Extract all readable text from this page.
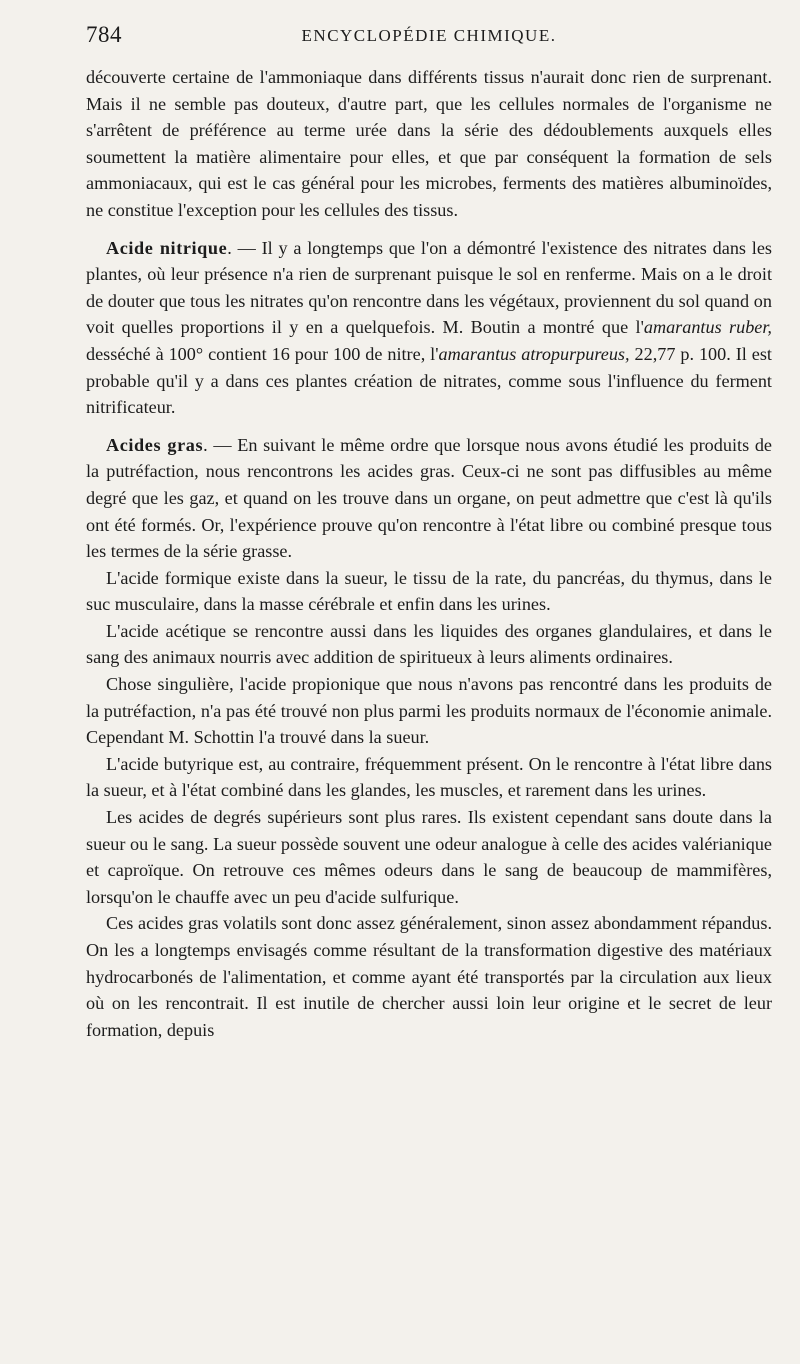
784	ENCYCLOPÉDIE CHIMIQUE.

découverte certaine de l'ammoniaque dans différents tissus n'aurait donc rien de surprenant. Mais il ne semble pas douteux, d'autre part, que les cellules normales de l'organisme ne s'arrêtent de préférence au terme urée dans la série des dédoublements auxquels elles soumettent la matière alimentaire pour elles, et que par conséquent la formation de sels ammoniacaux, qui est le cas général pour les microbes, ferments des matières albuminoïdes, ne constitue l'exception pour les cellules des tissus.

Acide nitrique. — Il y a longtemps que l'on a démontré l'existence des nitrates dans les plantes, où leur présence n'a rien de surprenant puisque le sol en renferme. Mais on a le droit de douter que tous les nitrates qu'on rencontre dans les végétaux, proviennent du sol quand on voit quelles proportions il y en a quelquefois. M. Boutin a montré que l'amarantus ruber, desséché à 100° contient 16 pour 100 de nitre, l'amarantus atropurpureus, 22,77 p. 100. Il est probable qu'il y a dans ces plantes création de nitrates, comme sous l'influence du ferment nitrificateur.

Acides gras. — En suivant le même ordre que lorsque nous avons étudié les produits de la putréfaction, nous rencontrons les acides gras. Ceux-ci ne sont pas diffusibles au même degré que les gaz, et quand on les trouve dans un organe, on peut admettre que c'est là qu'ils ont été formés. Or, l'expérience prouve qu'on rencontre à l'état libre ou combiné presque tous les termes de la série grasse.

L'acide formique existe dans la sueur, le tissu de la rate, du pancréas, du thymus, dans le suc musculaire, dans la masse cérébrale et enfin dans les urines.

L'acide acétique se rencontre aussi dans les liquides des organes glandulaires, et dans le sang des animaux nourris avec addition de spiritueux à leurs aliments ordinaires.

Chose singulière, l'acide propionique que nous n'avons pas rencontré dans les produits de la putréfaction, n'a pas été trouvé non plus parmi les produits normaux de l'économie animale. Cependant M. Schottin l'a trouvé dans la sueur.

L'acide butyrique est, au contraire, fréquemment présent. On le rencontre à l'état libre dans la sueur, et à l'état combiné dans les glandes, les muscles, et rarement dans les urines.

Les acides de degrés supérieurs sont plus rares. Ils existent cependant sans doute dans la sueur ou le sang. La sueur possède souvent une odeur analogue à celle des acides valérianique et caproïque. On retrouve ces mêmes odeurs dans le sang de beaucoup de mammifères, lorsqu'on le chauffe avec un peu d'acide sulfurique.

Ces acides gras volatils sont donc assez généralement, sinon assez abondamment répandus. On les a longtemps envisagés comme résultant de la transformation digestive des matériaux hydrocarbonés de l'alimentation, et comme ayant été transportés par la circulation aux lieux où on les rencontrait. Il est inutile de chercher aussi loin leur origine et le secret de leur formation, depuis
